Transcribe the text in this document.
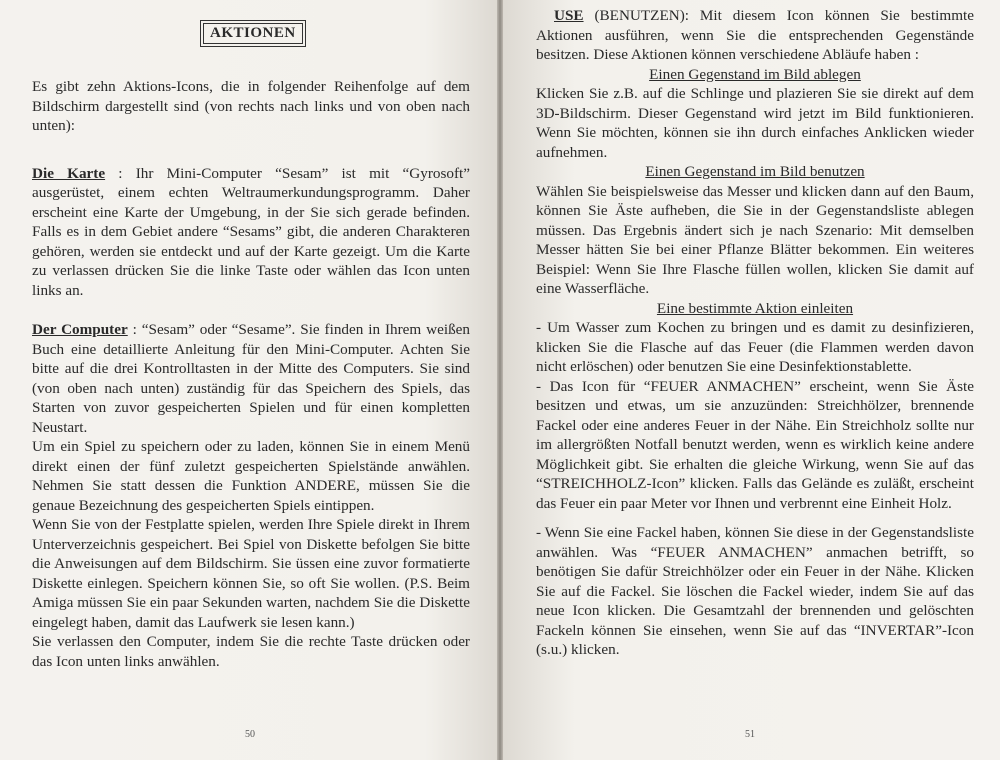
AKTIONEN

Es gibt zehn Aktions-Icons, die in folgender Reihenfolge auf dem Bildschirm dargestellt sind (von rechts nach links und von oben nach unten):

Die Karte : Ihr Mini-Computer “Sesam” ist mit “Gyrosoft” ausgerüstet, einem echten Weltraumerkundungsprogramm. Daher erscheint eine Karte der Umgebung, in der Sie sich gerade befinden. Falls es in dem Gebiet andere “Sesams” gibt, die anderen Charakteren gehören, werden sie entdeckt und auf der Karte gezeigt. Um die Karte zu verlassen drücken Sie die linke Taste oder wählen das Icon unten links an.

Der Computer : “Sesam” oder “Sesame”. Sie finden in Ihrem weißen Buch eine detaillierte Anleitung für den Mini-Computer. Achten Sie bitte auf die drei Kontrolltasten in der Mitte des Computers. Sie sind (von oben nach unten) zuständig für das Speichern des Spiels, das Starten von zuvor gespeicherten Spielen und für einen kompletten Neustart.

Um ein Spiel zu speichern oder zu laden, können Sie in einem Menü direkt einen der fünf zuletzt gespeicherten Spielstände anwählen. Nehmen Sie statt dessen die Funktion ANDERE, müssen Sie die genaue Bezeichnung des gespeicherten Spiels eintippen.

Wenn Sie von der Festplatte spielen, werden Ihre Spiele direkt in Ihrem Unterverzeichnis gespeichert. Bei Spiel von Diskette befolgen Sie bitte die Anweisungen auf dem Bildschirm. Sie üssen eine zuvor formatierte Diskette einlegen. Speichern können Sie, so oft Sie wollen. (P.S. Beim Amiga müssen Sie ein paar Sekunden warten, nachdem Sie die Diskette eingelegt haben, damit das Laufwerk sie lesen kann.)

Sie verlassen den Computer, indem Sie die rechte Taste drücken oder das Icon unten links anwählen.

50

USE (BENUTZEN): Mit diesem Icon können Sie bestimmte Aktionen ausführen, wenn Sie die entsprechenden Gegenstände besitzen. Diese Aktionen können verschiedene Abläufe haben :

Einen Gegenstand im Bild ablegen

Klicken Sie z.B. auf die Schlinge und plazieren Sie sie direkt auf dem 3D-Bildschirm. Dieser Gegenstand wird jetzt im Bild funktionieren. Wenn Sie möchten, können sie ihn durch einfaches Anklicken wieder aufnehmen.

Einen Gegenstand im Bild benutzen

Wählen Sie beispielsweise das Messer und klicken dann auf den Baum, können Sie Äste aufheben, die Sie in der Gegenstandsliste ablegen müssen. Das Ergebnis ändert sich je nach Szenario: Mit demselben Messer hätten Sie bei einer Pflanze Blätter bekommen. Ein weiteres Beispiel: Wenn Sie Ihre Flasche füllen wollen, klicken Sie damit auf eine Wasserfläche.

Eine bestimmte Aktion einleiten

- Um Wasser zum Kochen zu bringen und es damit zu desinfizieren, klicken Sie die Flasche auf das Feuer (die Flammen werden davon nicht erlöschen) oder benutzen Sie eine Desinfektionstablette.

- Das Icon für “FEUER ANMACHEN” erscheint, wenn Sie Äste besitzen und etwas, um sie anzuzünden: Streichhölzer, brennende Fackel oder eine anderes Feuer in der Nähe. Ein Streichholz sollte nur im allergrößten Notfall benutzt werden, wenn es wirklich keine andere Möglichkeit gibt. Sie erhalten die gleiche Wirkung, wenn Sie auf das “STREICHHOLZ-Icon” klicken. Falls das Gelände es zuläßt, erscheint das Feuer ein paar Meter vor Ihnen und verbrennt eine Einheit Holz.

- Wenn Sie eine Fackel haben, können Sie diese in der Gegenstandsliste anwählen. Was “FEUER ANMACHEN” anmachen betrifft, so benötigen Sie dafür Streichhölzer oder ein Feuer in der Nähe. Klicken Sie auf die Fackel. Sie löschen die Fackel wieder, indem Sie auf das neue Icon klicken. Die Gesamtzahl der brennenden und gelöschten Fackeln können Sie einsehen, wenn Sie auf das “INVERTAR”-Icon (s.u.) klicken.

51
